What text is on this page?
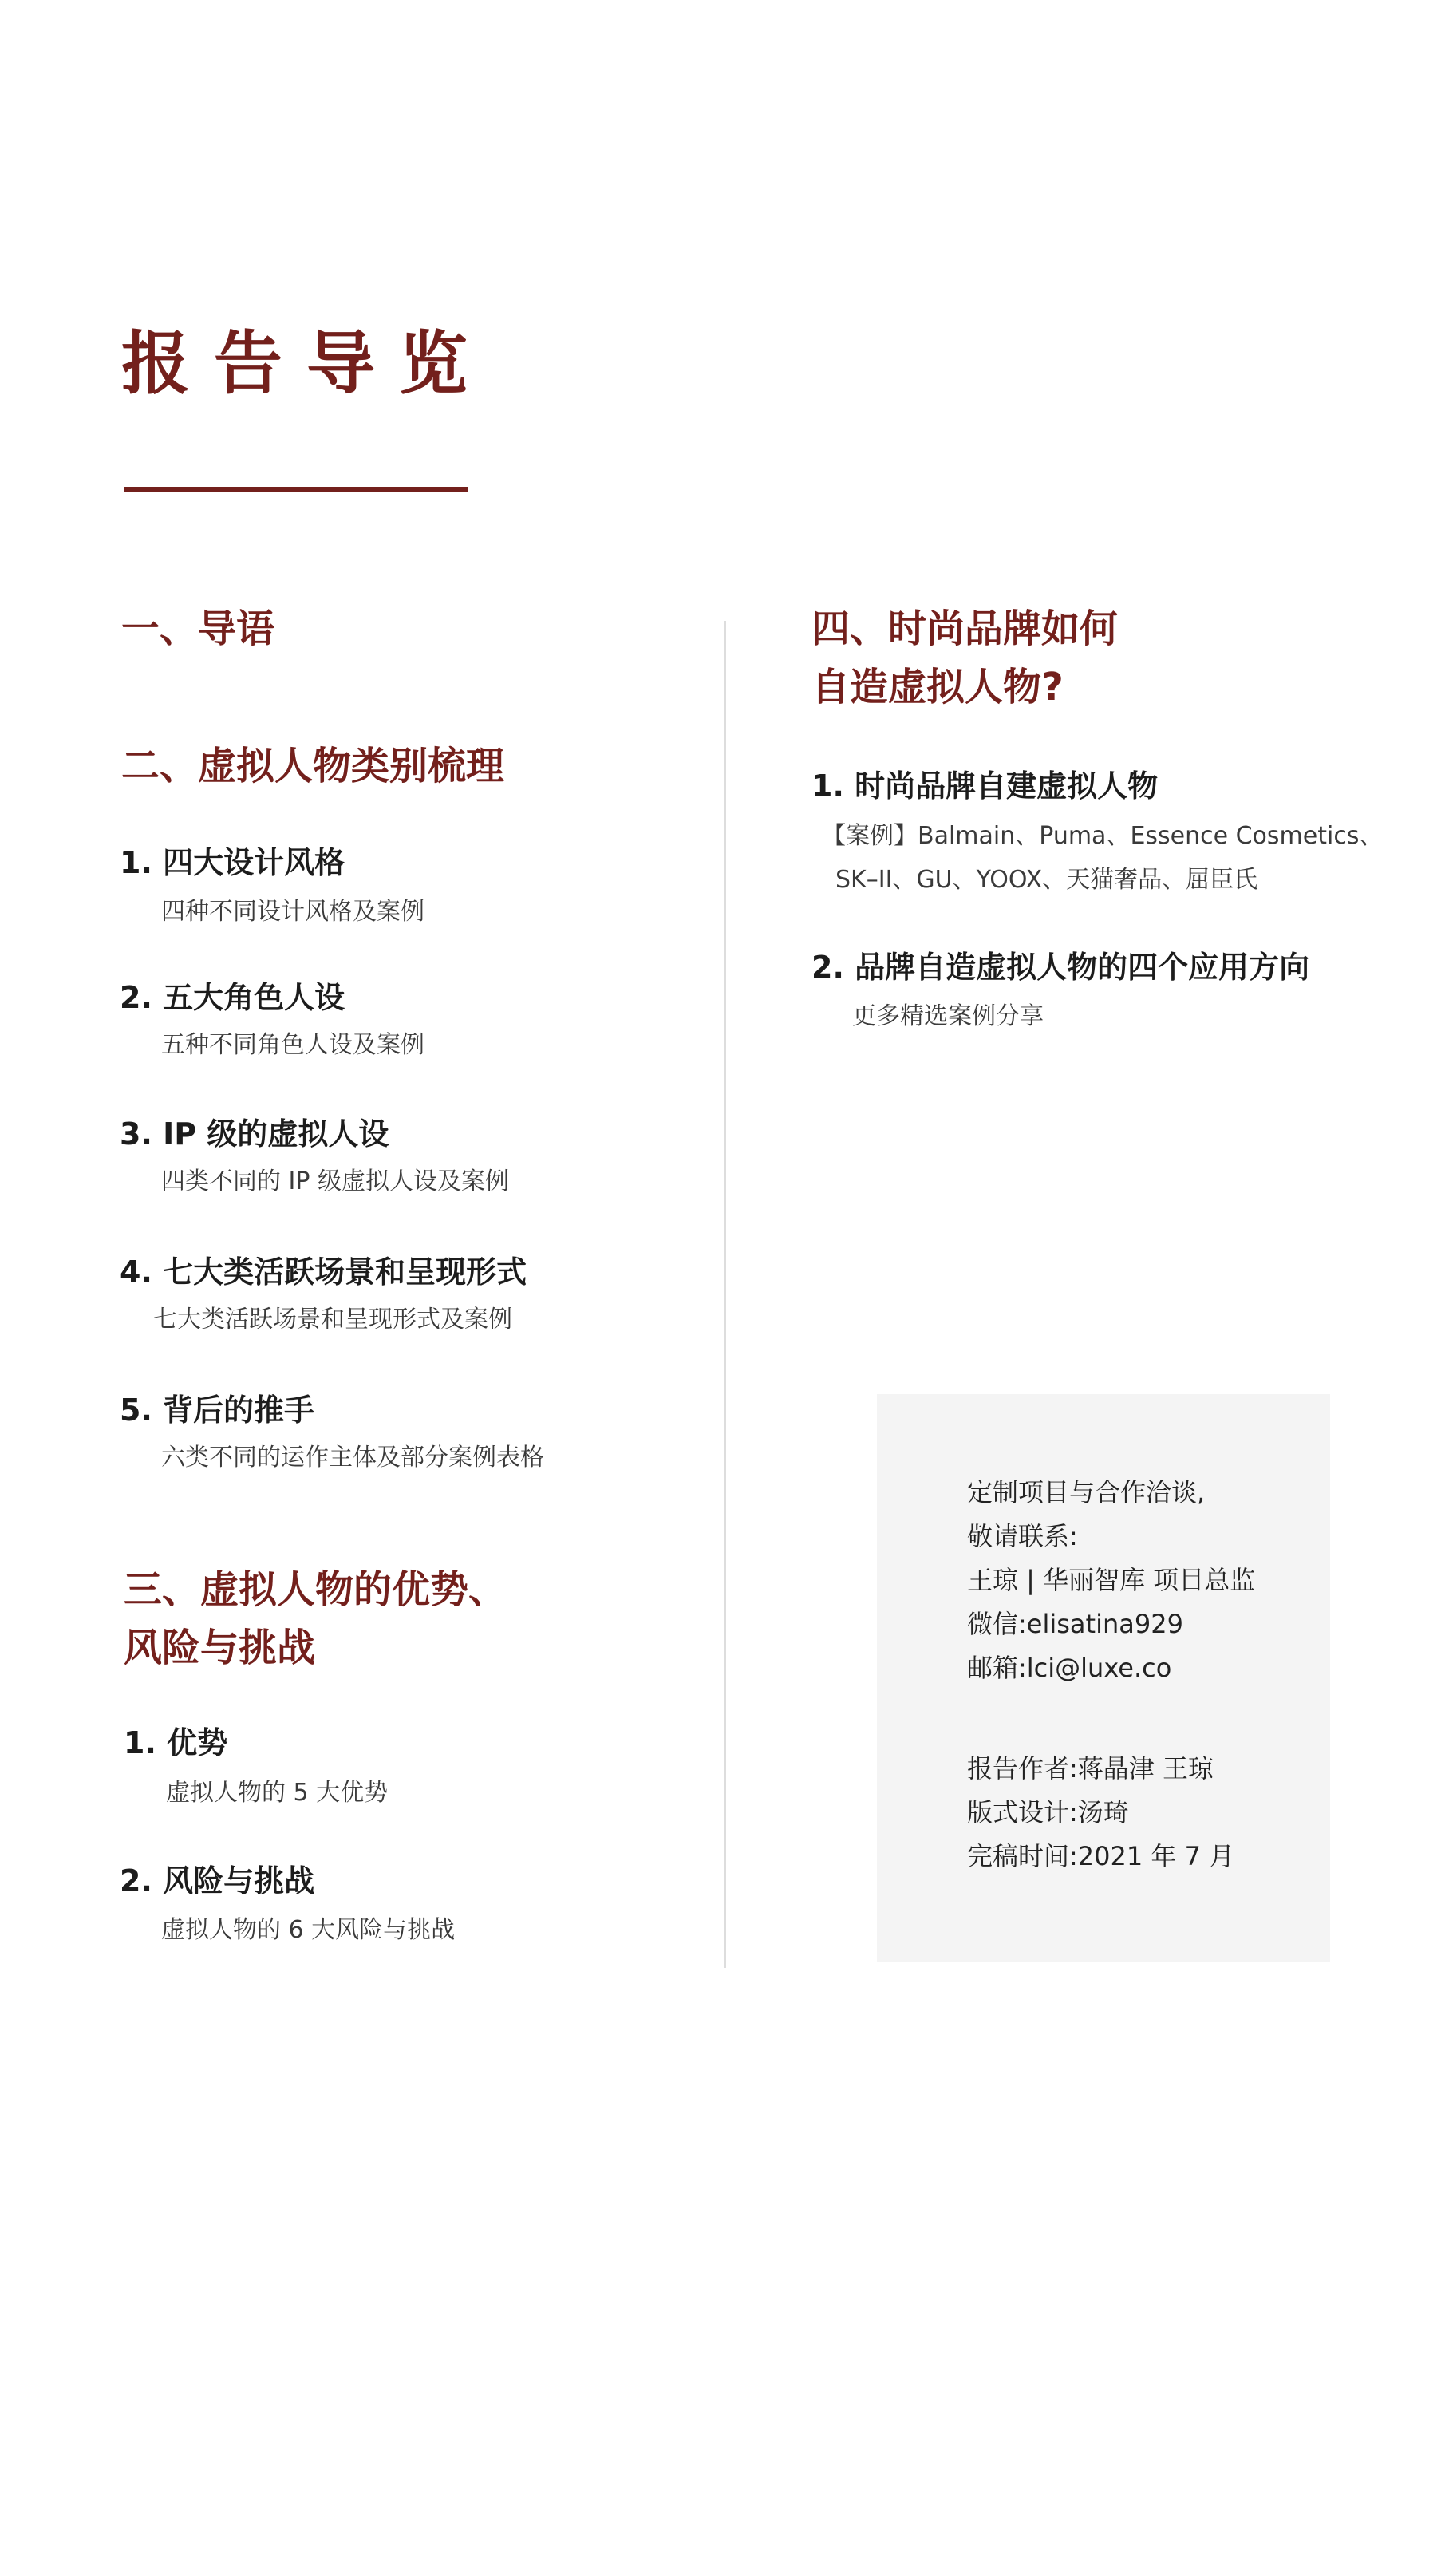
报告导览
一、导语
二、虚拟人物类别梳理
1. 四大设计风格
四种不同设计风格及案例
2. 五大角色人设
五种不同角色人设及案例
3. IP 级的虚拟人设
四类不同的 IP 级虚拟人设及案例
4. 七大类活跃场景和呈现形式
七大类活跃场景和呈现形式及案例
5. 背后的推手
六类不同的运作主体及部分案例表格
三、虚拟人物的优势、
风险与挑战
1. 优势
虚拟人物的 5 大优势
2. 风险与挑战
虚拟人物的 6 大风险与挑战
四、时尚品牌如何
自造虚拟人物?
1. 时尚品牌自建虚拟人物
【案例】Balmain、Puma、Essence Cosmetics、
SK–II、GU、YOOX、天猫奢品、屈臣氏
2. 品牌自造虚拟人物的四个应用方向
更多精选案例分享
定制项目与合作洽谈,
敬请联系:
王琼 | 华丽智库 项目总监
微信:elisatina929
邮箱:lci@luxe.co
报告作者:蒋晶津 王琼
版式设计:汤琦
完稿时间:2021 年 7 月
